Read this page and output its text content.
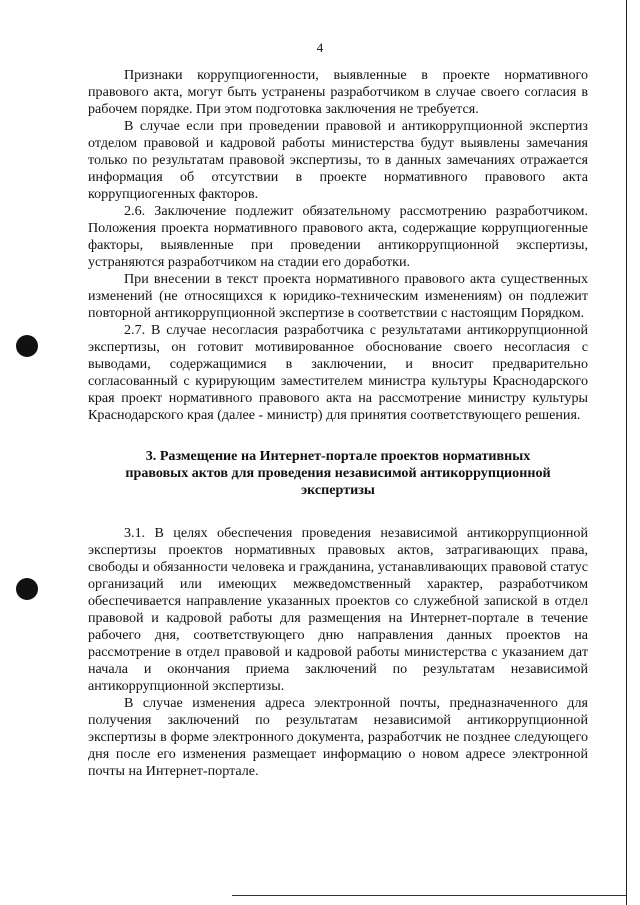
4

Признаки коррупциогенности, выявленные в проекте нормативного правового акта, могут быть устранены разработчиком в случае своего согласия в рабочем порядке. При этом подготовка заключения не требуется.

В случае если при проведении правовой и антикоррупционной экспертиз отделом правовой и кадровой работы министерства будут выявлены замечания только по результатам правовой экспертизы, то в данных замечаниях отражается информация об отсутствии в проекте нормативного правового акта коррупциогенных факторов.

2.6. Заключение подлежит обязательному рассмотрению разработчиком. Положения проекта нормативного правового акта, содержащие коррупциогенные факторы, выявленные при проведении антикоррупционной экспертизы, устраняются разработчиком на стадии его доработки.

При внесении в текст проекта нормативного правового акта существенных изменений (не относящихся к юридико-техническим изменениям) он подлежит повторной антикоррупционной экспертизе в соответствии с настоящим Порядком.

2.7. В случае несогласия разработчика с результатами антикоррупционной экспертизы, он готовит мотивированное обоснование своего несогласия с выводами, содержащимися в заключении, и вносит предварительно согласованный с курирующим заместителем министра культуры Краснодарского края проект нормативного правового акта на рассмотрение министру культуры Краснодарского края (далее - министр) для принятия соответствующего решения.

3. Размещение на Интернет-портале проектов нормативных
правовых актов для проведения независимой антикоррупционной
экспертизы

3.1. В целях обеспечения проведения независимой антикоррупционной экспертизы проектов нормативных правовых актов, затрагивающих права, свободы и обязанности человека и гражданина, устанавливающих правовой статус организаций или имеющих межведомственный характер, разработчиком обеспечивается направление указанных проектов со служебной запиской в отдел правовой и кадровой работы для размещения на Интернет-портале в течение рабочего дня, соответствующего дню направления данных проектов на рассмотрение в отдел правовой и кадровой работы министерства с указанием дат начала и окончания приема заключений по результатам независимой антикоррупционной экспертизы.

В случае изменения адреса электронной почты, предназначенного для получения заключений по результатам независимой антикоррупционной экспертизы в форме электронного документа, разработчик не позднее следующего дня после его изменения размещает информацию о новом адресе электронной почты на Интернет-портале.
